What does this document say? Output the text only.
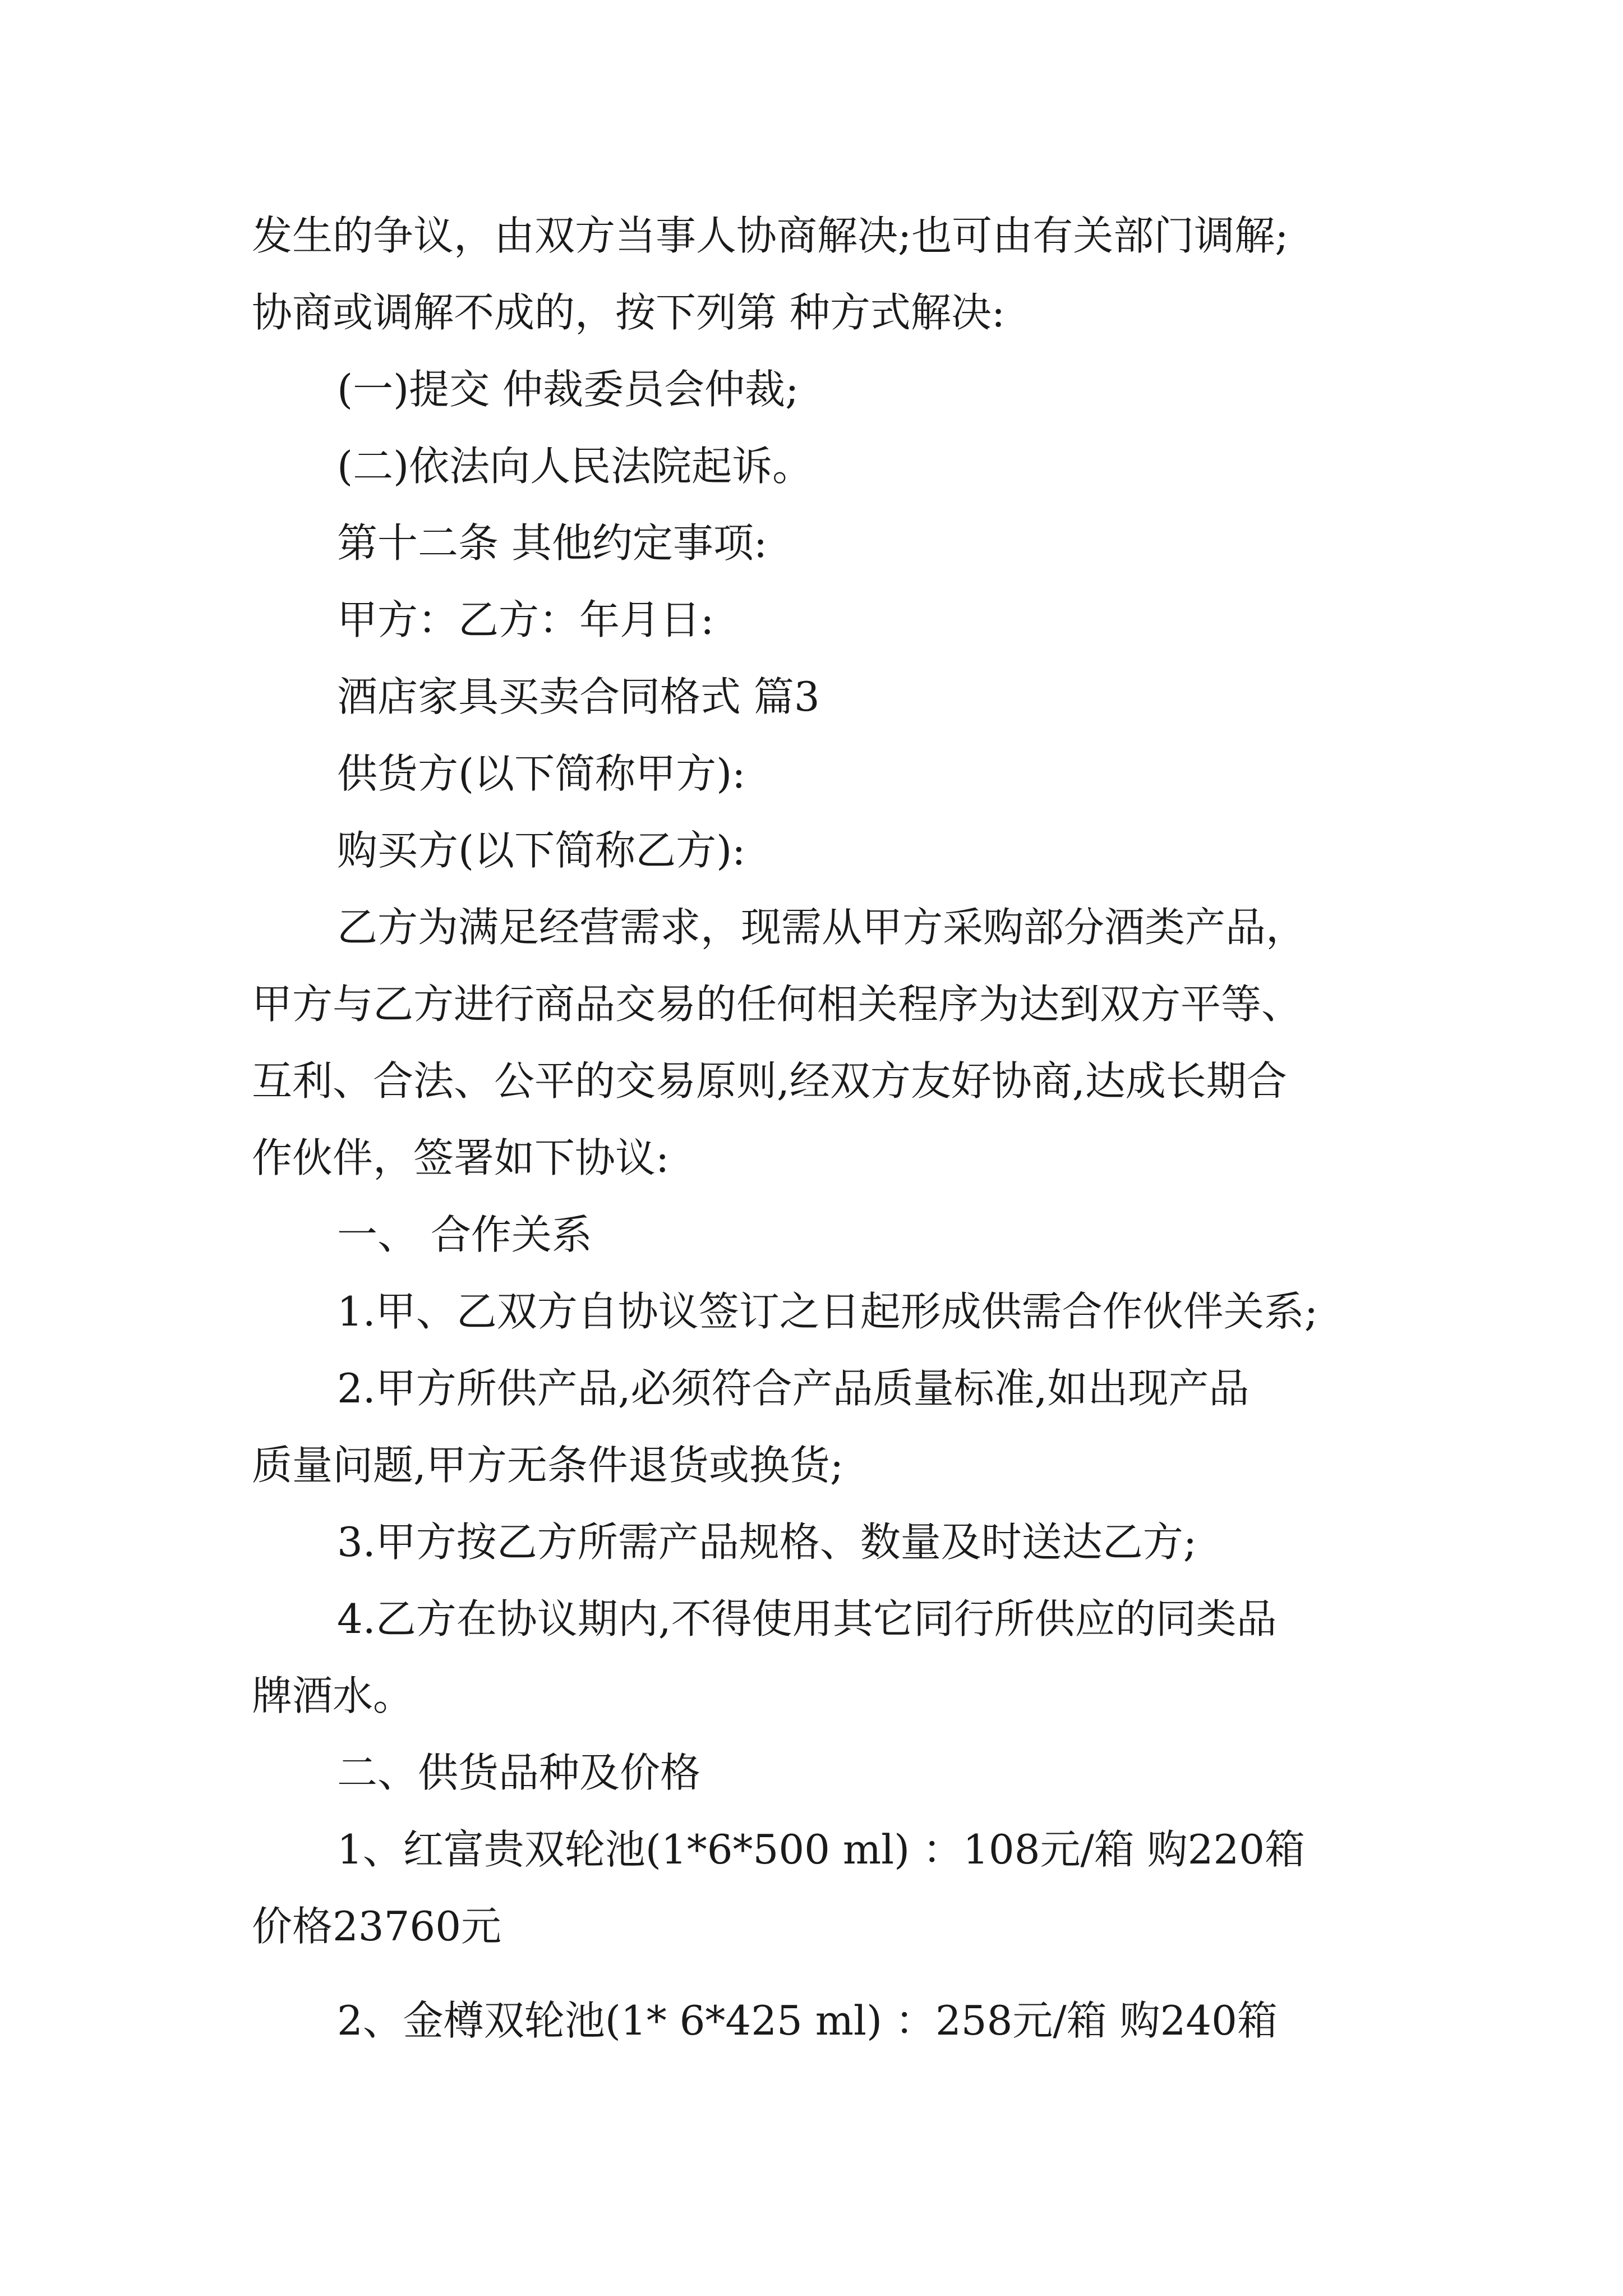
发生的争议，由双方当事人协商解决;也可由有关部门调解;
协商或调解不成的，按下列第 种方式解决:
(一)提交 仲裁委员会仲裁;
(二)依法向人民法院起诉。
第十二条 其他约定事项:
甲方：乙方：年月日:
酒店家具买卖合同格式 篇3
供货方(以下简称甲方):
购买方(以下简称乙方):
乙方为满足经营需求，现需从甲方采购部分酒类产品，
甲方与乙方进行商品交易的任何相关程序为达到双方平等、
互利、合法、公平的交易原则,经双方友好协商,达成长期合
作伙伴，签署如下协议:
一、 合作关系
1.甲、乙双方自协议签订之日起形成供需合作伙伴关系;
2.甲方所供产品,必须符合产品质量标准,如出现产品
质量问题,甲方无条件退货或换货;
3.甲方按乙方所需产品规格、数量及时送达乙方;
4.乙方在协议期内,不得使用其它同行所供应的同类品
牌酒水。
二、供货品种及价格
1、红富贵双轮池(1*6*500 ml) ：108元/箱 购220箱
价格23760元
2、金樽双轮池(1* 6*425 ml) ：258元/箱 购240箱
